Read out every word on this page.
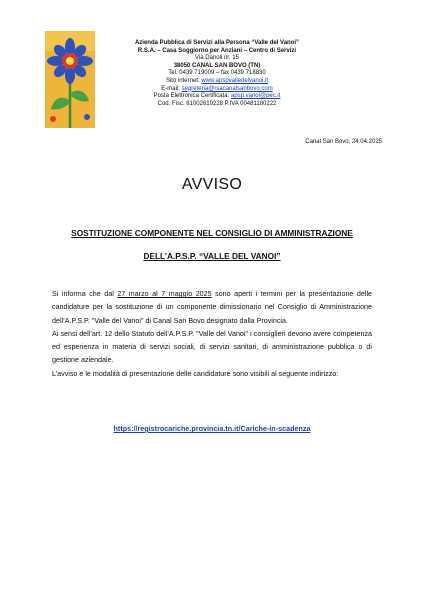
Azienda Pubblica di Servizi alla Persona “Valle del Vanoi”
R.S.A. – Casa Soggiorno per Anziani – Centro di Servizi
Via Danoli nr. 15
38050 CANAL SAN BOVO (TN)
Tel. 0439 719009 – fax 0439 718830
Sito internet: www.apspvalledelvanoi.it
E-mail: segreteria@rsacanalsanbovo.com
Posta Elettronica Certificata: apsp.vanoi@pec.it
Cod. Fisc. 81002610228 P.IVA 00481180222
Canal San Bovo, 24.04.2025
AVVISO
SOSTITUZIONE COMPONENTE NEL CONSIGLIO DI AMMINISTRAZIONE
DELL’A.P.S.P. “VALLE DEL VANOI”

Si informa che dal 27 marzo al 7 maggio 2025 sono aperti i termini per la presentazione delle candidature per la sostituzione di un componente dimissionario nel Consiglio di Amministrazione dell’A.P.S.P. "Valle del Vanoi" di Canal San Bovo designato dalla Provincia.

Ai sensi dell’art. 12 dello Statuto dell’A.P.S.P. "Valle del Vanoi" i consiglieri devono avere competenza ed esperienza in materia di servizi sociali, di servizi sanitari, di amministrazione pubblica o di gestione aziendale.

L’avviso e le modalità di presentazione delle candidature sono visibili al seguente indirizzo:

https://registrocariche.provincia.tn.it/Cariche-in-scadenza
